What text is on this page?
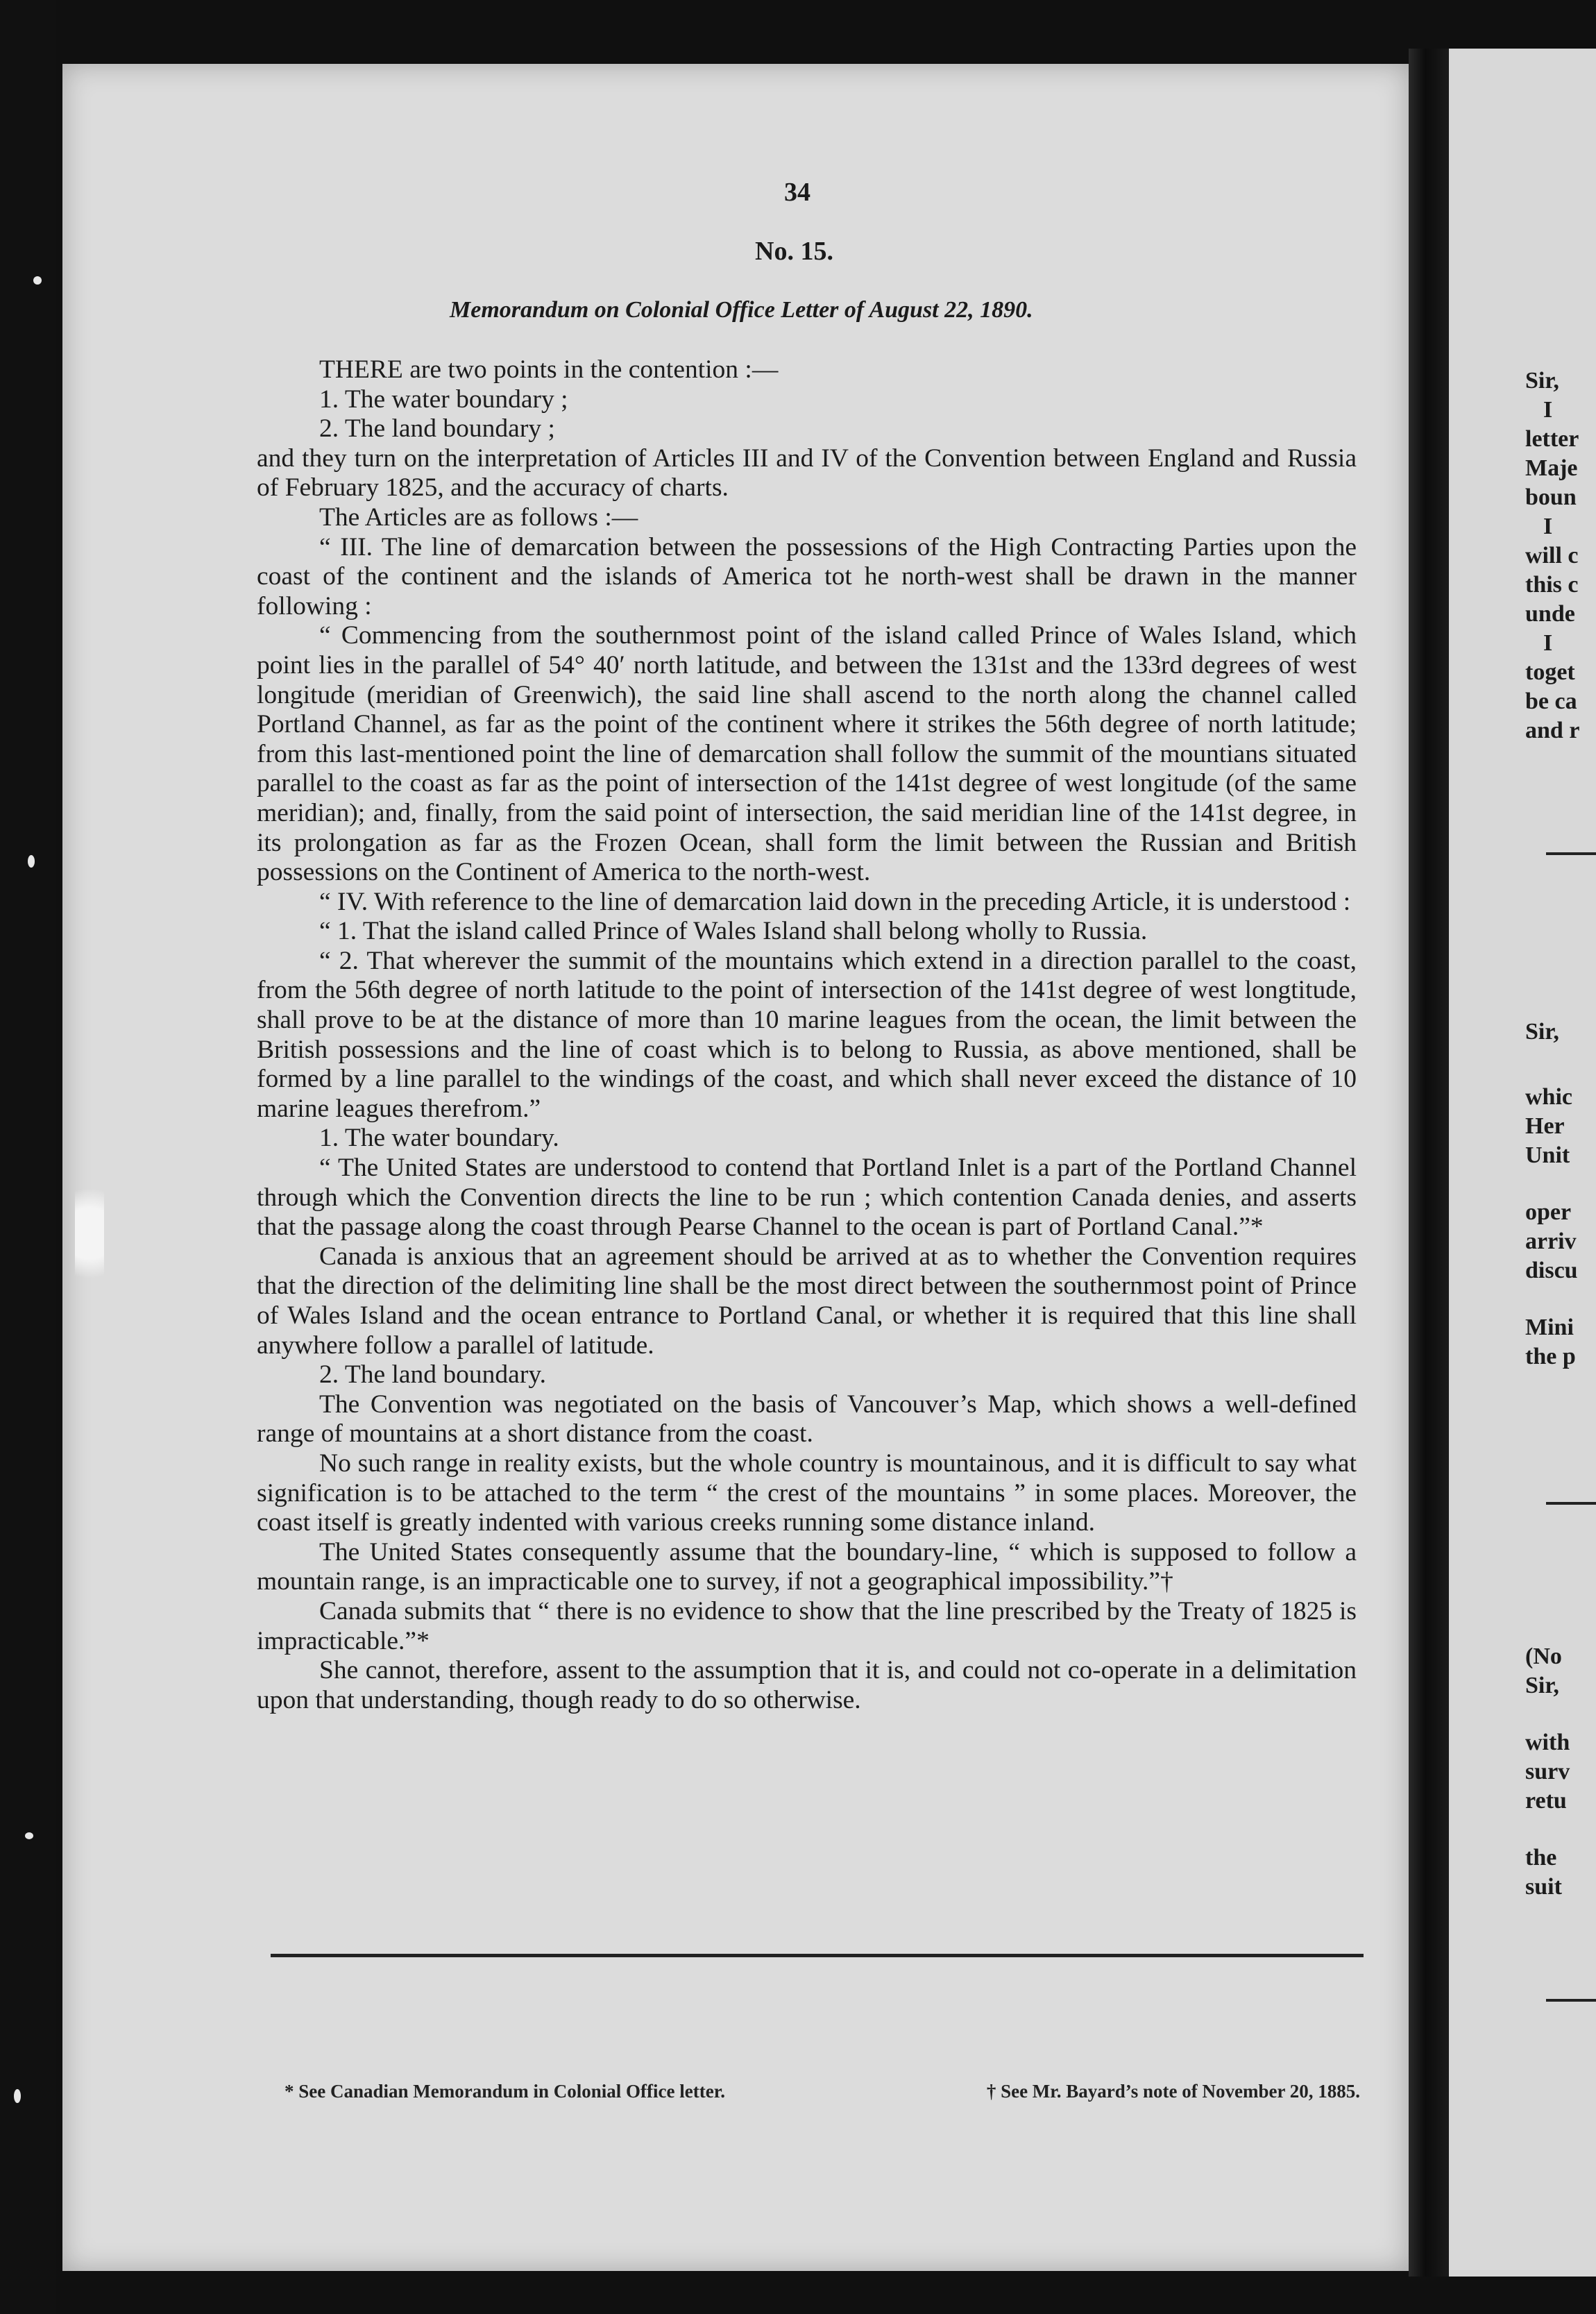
34
No. 15.
Memorandum on Colonial Office Letter of August 22, 1890.

THERE are two points in the contention :—

1. The water boundary ;

2. The land boundary ;

and they turn on the interpretation of Articles III and IV of the Convention between England and Russia of February 1825, and the accuracy of charts.

The Articles are as follows :—

“ III. The line of demarcation between the possessions of the High Contracting Parties upon the coast of the continent and the islands of America tot he north-west shall be drawn in the manner following :

“ Commencing from the southernmost point of the island called Prince of Wales Island, which point lies in the parallel of 54° 40′ north latitude, and between the 131st and the 133rd degrees of west longitude (meridian of Greenwich), the said line shall ascend to the north along the channel called Portland Channel, as far as the point of the continent where it strikes the 56th degree of north latitude; from this last-mentioned point the line of demarcation shall follow the summit of the mountians situated parallel to the coast as far as the point of intersection of the 141st degree of west longitude (of the same meridian); and, finally, from the said point of intersection, the said meridian line of the 141st degree, in its prolongation as far as the Frozen Ocean, shall form the limit between the Russian and British possessions on the Continent of America to the north-west.

“ IV. With reference to the line of demarcation laid down in the preceding Article, it is understood :

“ 1. That the island called Prince of Wales Island shall belong wholly to Russia.

“ 2. That wherever the summit of the mountains which extend in a direction parallel to the coast, from the 56th degree of north latitude to the point of intersection of the 141st degree of west longtitude, shall prove to be at the distance of more than 10 marine leagues from the ocean, the limit between the British possessions and the line of coast which is to belong to Russia, as above mentioned, shall be formed by a line parallel to the windings of the coast, and which shall never exceed the distance of 10 marine leagues therefrom.”

1. The water boundary.

“ The United States are understood to contend that Portland Inlet is a part of the Portland Channel through which the Convention directs the line to be run ; which contention Canada denies, and asserts that the passage along the coast through Pearse Channel to the ocean is part of Portland Canal.”*

Canada is anxious that an agreement should be arrived at as to whether the Convention requires that the direction of the delimiting line shall be the most direct between the southernmost point of Prince of Wales Island and the ocean entrance to Portland Canal, or whether it is required that this line shall anywhere follow a parallel of latitude.

2. The land boundary.

The Convention was negotiated on the basis of Vancouver’s Map, which shows a well-defined range of mountains at a short distance from the coast.

No such range in reality exists, but the whole country is mountainous, and it is difficult to say what signification is to be attached to the term “ the crest of the mountains ” in some places. Moreover, the coast itself is greatly indented with various creeks running some distance inland.

The United States consequently assume that the boundary-line, “ which is supposed to follow a mountain range, is an impracticable one to survey, if not a geographical impossibility.”†

Canada submits that “ there is no evidence to show that the line prescribed by the Treaty of 1825 is impracticable.”*

She cannot, therefore, assent to the assumption that it is, and could not co-operate in a delimitation upon that understanding, though ready to do so otherwise.

* See Canadian Memorandum in Colonial Office letter.	† See Mr. Bayard’s note of November 20, 1885.
Sir,
I
letter
Maje
boun
I
will c
this c
unde
I
toget
be ca
and r
Sir,
whic
Her
Unit
oper
arriv
discu
Mini
the p
(No
Sir,
with
surv
retu
the
suit
